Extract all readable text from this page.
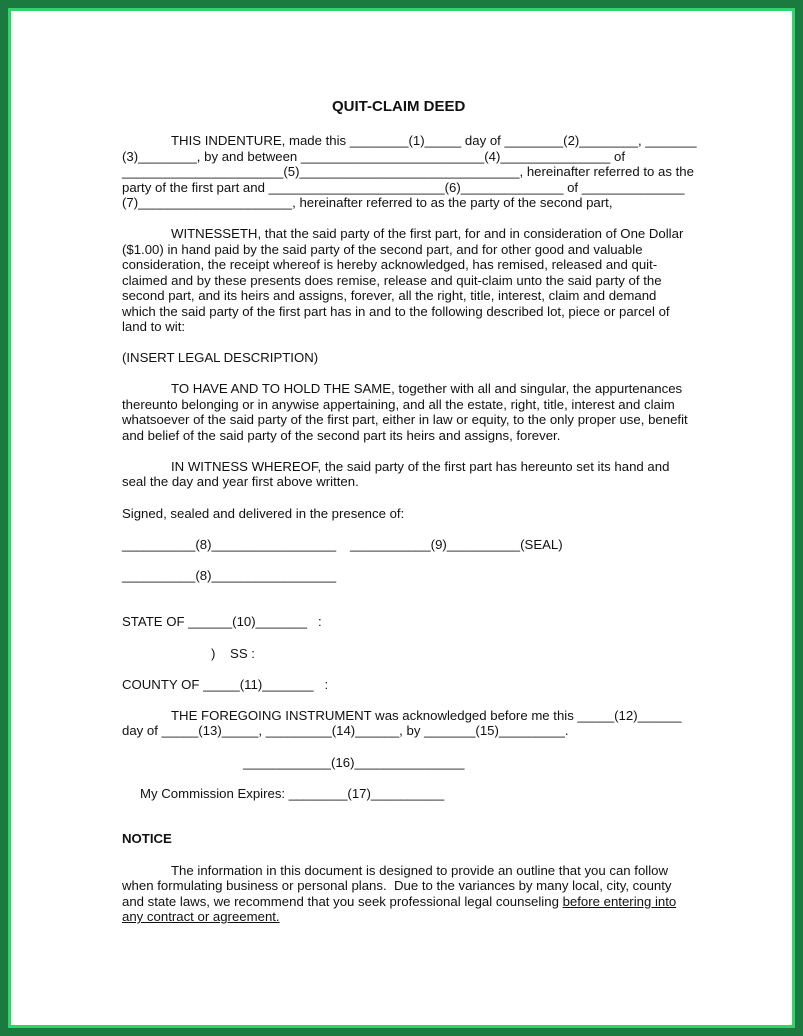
QUIT-CLAIM DEED
THIS INDENTURE, made this ________(1)_____ day of ________(2)________, _______
(3)________, by and between _________________________(4)_______________ of
______________________(5)______________________________, hereinafter referred to as the
party of the first part and ________________________(6)______________ of ______________
(7)_____________________, hereinafter referred to as the party of the second part,
WITNESSETH, that the said party of the first part, for and in consideration of One Dollar
($1.00) in hand paid by the said party of the second part, and for other good and valuable
consideration, the receipt whereof is hereby acknowledged, has remised, released and quit-
claimed and by these presents does remise, release and quit-claim unto the said party of the
second part, and its heirs and assigns, forever, all the right, title, interest, claim and demand
which the said party of the first part has in and to the following described lot, piece or parcel of
land to wit:
(INSERT LEGAL DESCRIPTION)
TO HAVE AND TO HOLD THE SAME, together with all and singular, the appurtenances
thereunto belonging or in anywise appertaining, and all the estate, right, title, interest and claim
whatsoever of the said party of the first part, either in law or equity, to the only proper use, benefit
and belief of the said party of the second part its heirs and assigns, forever.
IN WITNESS WHEREOF, the said party of the first part has hereunto set its hand and
seal the day and year first above written.
Signed, sealed and delivered in the presence of:
__________(8)_________________ ___________(9)__________(SEAL)
__________(8)_________________
STATE OF ______(10)_______   :
)    SS :
COUNTY OF _____(11)_______   :
THE FOREGOING INSTRUMENT was acknowledged before me this _____(12)______
day of _____(13)_____, _________(14)______, by _______(15)_________.
____________(16)_______________
My Commission Expires: ________(17)__________
NOTICE
The information in this document is designed to provide an outline that you can follow
when formulating business or personal plans.  Due to the variances by many local, city, county
and state laws, we recommend that you seek professional legal counseling before entering into
any contract or agreement.
